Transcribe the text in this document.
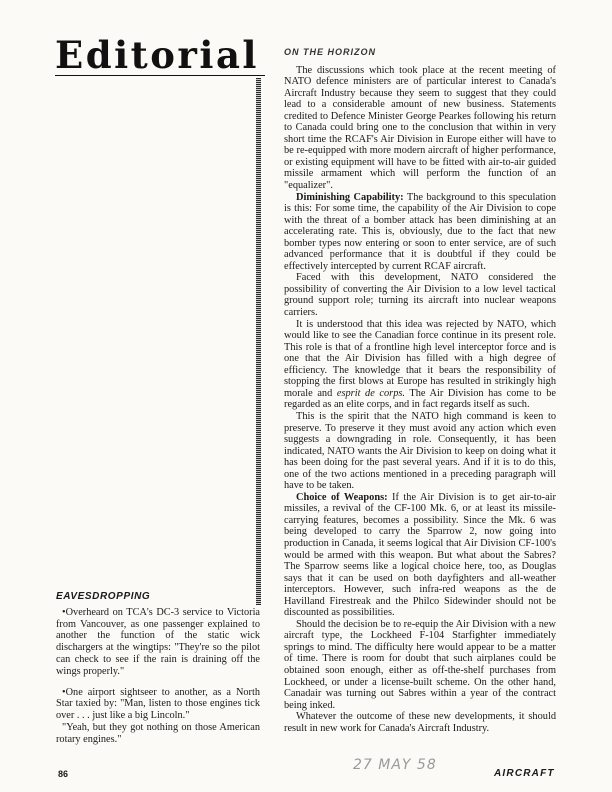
Editorial
EAVESDROPPING

•Overheard on TCA's DC-3 service to Victoria from Vancouver, as one passenger explained to another the function of the static wick dischargers at the wingtips: "They're so the pilot can check to see if the rain is draining off the wings properly."

•One airport sightseer to another, as a North Star taxied by: "Man, listen to those engines tick over . . . just like a big Lincoln."

"Yeah, but they got nothing on those American rotary engines."

ON THE HORIZON

The discussions which took place at the recent meeting of NATO defence ministers are of particular interest to Canada's Aircraft Industry because they seem to suggest that they could lead to a considerable amount of new business. Statements credited to Defence Minister George Pearkes following his return to Canada could bring one to the conclusion that within in very short time the RCAF's Air Division in Europe either will have to be re-equipped with more modern aircraft of higher performance, or existing equipment will have to be fitted with air-to-air guided missile armament which will perform the function of an "equalizer".

Diminishing Capability: The background to this speculation is this: For some time, the capability of the Air Division to cope with the threat of a bomber attack has been diminishing at an accelerating rate. This is, obviously, due to the fact that new bomber types now entering or soon to enter service, are of such advanced performance that it is doubtful if they could be effectively intercepted by current RCAF aircraft.

Faced with this development, NATO considered the possibility of converting the Air Division to a low level tactical ground support role; turning its aircraft into nuclear weapons carriers.

It is understood that this idea was rejected by NATO, which would like to see the Canadian force continue in its present role. This role is that of a frontline high level interceptor force and is one that the Air Division has filled with a high degree of efficiency. The knowledge that it bears the responsibility of stopping the first blows at Europe has resulted in strikingly high morale and esprit de corps. The Air Division has come to be regarded as an elite corps, and in fact regards itself as such.

This is the spirit that the NATO high command is keen to preserve. To preserve it they must avoid any action which even suggests a downgrading in role. Consequently, it has been indicated, NATO wants the Air Division to keep on doing what it has been doing for the past several years. And if it is to do this, one of the two actions mentioned in a preceding paragraph will have to be taken.

Choice of Weapons: If the Air Division is to get air-to-air missiles, a revival of the CF-100 Mk. 6, or at least its missile-carrying features, becomes a possibility. Since the Mk. 6 was being developed to carry the Sparrow 2, now going into production in Canada, it seems logical that Air Division CF-100's would be armed with this weapon. But what about the Sabres? The Sparrow seems like a logical choice here, too, as Douglas says that it can be used on both dayfighters and all-weather interceptors. However, such infra-red weapons as the de Havilland Firestreak and the Philco Sidewinder should not be discounted as possibilities.

Should the decision be to re-equip the Air Division with a new aircraft type, the Lockheed F-104 Starfighter immediately springs to mind. The difficulty here would appear to be a matter of time. There is room for doubt that such airplanes could be obtained soon enough, either as off-the-shelf purchases from Lockheed, or under a license-built scheme. On the other hand, Canadair was turning out Sabres within a year of the contract being inked.

Whatever the outcome of these new developments, it should result in new work for Canada's Aircraft Industry.

86
27 MAY 58
AIRCRAFT
